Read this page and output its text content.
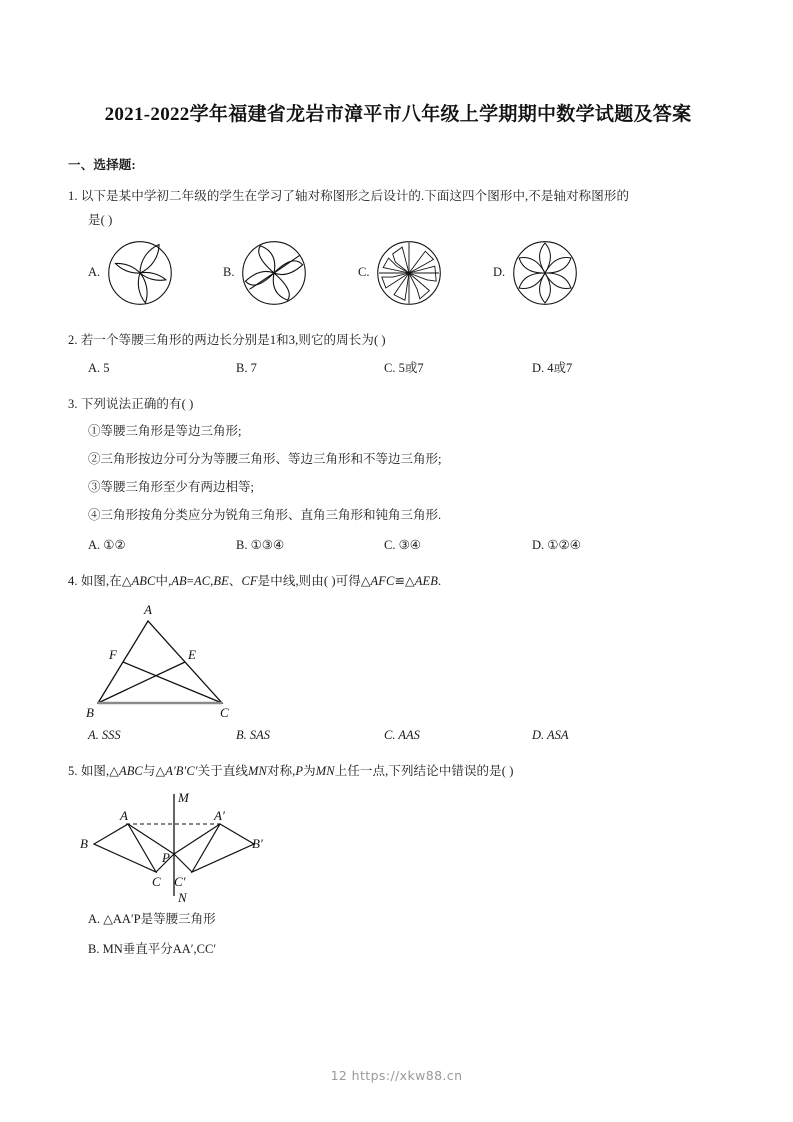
2021-2022学年福建省龙岩市漳平市八年级上学期期中数学试题及答案
一、选择题:
1. 以下是某中学初二年级的学生在学习了轴对称图形之后设计的.下面这四个图形中,不是轴对称图形的
是( )
A.	B.	C.	D.
2. 若一个等腰三角形的两边长分别是1和3,则它的周长为( )
A. 5	B. 7	C. 5或7	D. 4或7
3. 下列说法正确的有( )
①等腰三角形是等边三角形;
②三角形按边分可分为等腰三角形、等边三角形和不等边三角形;
③等腰三角形至少有两边相等;
④三角形按角分类应分为锐角三角形、直角三角形和钝角三角形.
A. ①②	B. ①③④	C. ③④	D. ①②④
4. 如图,在△ABC中,AB=AC,BE、CF是中线,则由( )可得△AFC≌△AEB.
A
B	C
F	E
A. SSS	B. SAS	C. AAS	D. ASA
5. 如图,△ABC与△A′B′C′关于直线MN对称,P为MN上任一点,下列结论中错误的是( )
A	A′
B	B′
C C′
P
M
N
A. △AA′P是等腰三角形
B. MN垂直平分AA′,CC′
12 https://xkw88.cn
